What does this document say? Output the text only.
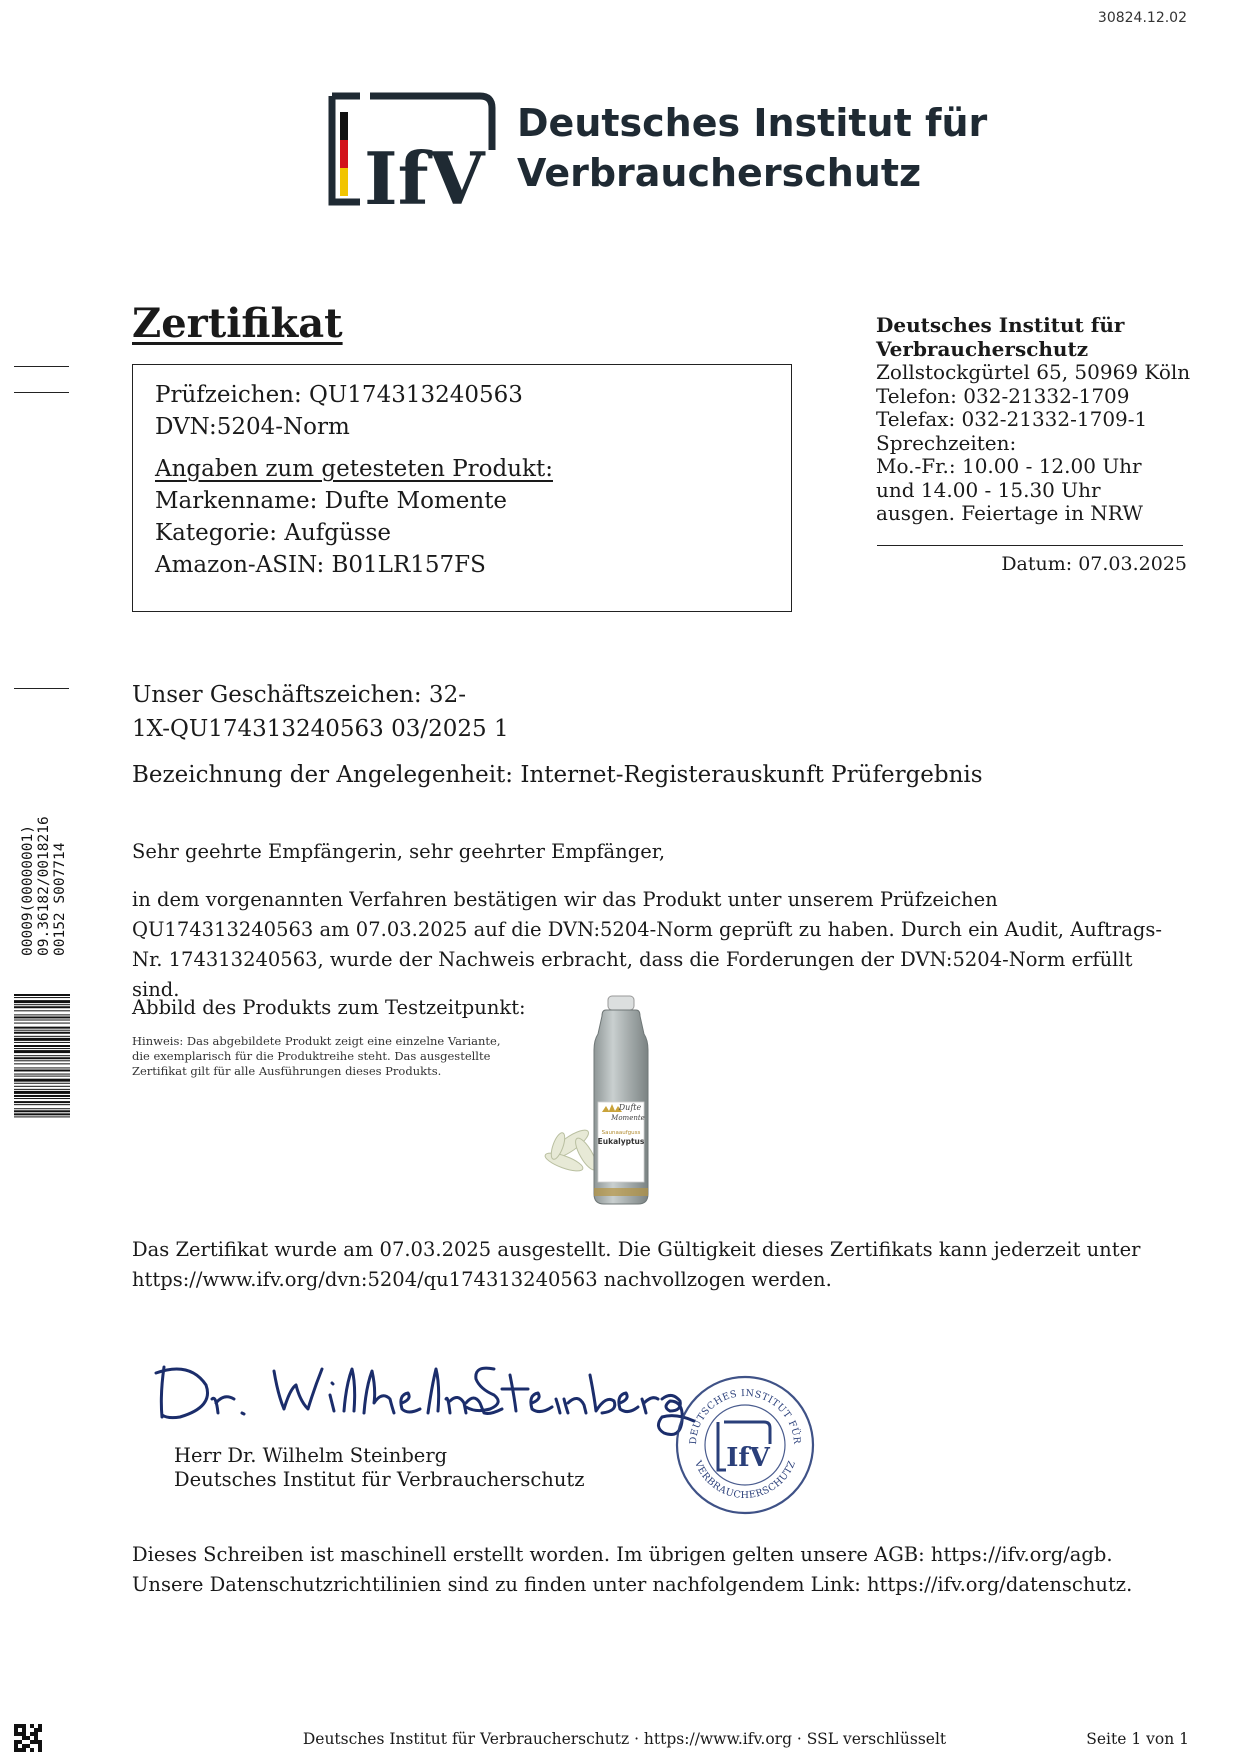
30824.12.02
IfV
Deutsches Institut für
Verbraucherschutz
Zertifikat
Prüfzeichen: QU174313240563
DVN:5204-Norm
Angaben zum getesteten Produkt:
Markenname: Dufte Momente
Kategorie: Aufgüsse
Amazon-ASIN: B01LR157FS
Deutsches Institut für
Verbraucherschutz
Zollstockgürtel 65, 50969 Köln
Telefon: 032-21332-1709
Telefax: 032-21332-1709-1
Sprechzeiten:
Mo.-Fr.: 10.00 - 12.00 Uhr
und 14.00 - 15.30 Uhr
ausgen. Feiertage in NRW
Datum: 07.03.2025
00009(00000001) 09.36182/0018216 00152 S007714
Unser Geschäftszeichen: 32-
1X-QU174313240563 03/2025 1
Bezeichnung der Angelegenheit: Internet-Registerauskunft Prüfergebnis
Sehr geehrte Empfängerin, sehr geehrter Empfänger,
in dem vorgenannten Verfahren bestätigen wir das Produkt unter unserem Prüfzeichen QU174313240563 am 07.03.2025 auf die DVN:5204-Norm geprüft zu haben. Durch ein Audit, Auftrags-Nr. 174313240563, wurde der Nachweis erbracht, dass die Forderungen der DVN:5204-Norm erfüllt sind.
Abbild des Produkts zum Testzeitpunkt:
Hinweis: Das abgebildete Produkt zeigt eine einzelne Variante, die exemplarisch für die Produktreihe steht. Das ausgestellte Zertifikat gilt für alle Ausführungen dieses Produkts.
Dufte
Momente
Saunaaufguss
Eukalyptus
Das Zertifikat wurde am 07.03.2025 ausgestellt. Die Gültigkeit dieses Zertifikats kann jederzeit unter https://www.ifv.org/dvn:5204/qu174313240563 nachvollzogen werden.
Herr Dr. Wilhelm Steinberg
Deutsches Institut für Verbraucherschutz
DEUTSCHES INSTITUT FÜR
VERBRAUCHERSCHUTZ
IfV
Dieses Schreiben ist maschinell erstellt worden. Im übrigen gelten unsere AGB: https://ifv.org/agb. Unsere Datenschutzrichtilinien sind zu finden unter nachfolgendem Link: https://ifv.org/datenschutz.
Deutsches Institut für Verbraucherschutz · https://www.ifv.org · SSL verschlüsselt	Seite 1 von 1
